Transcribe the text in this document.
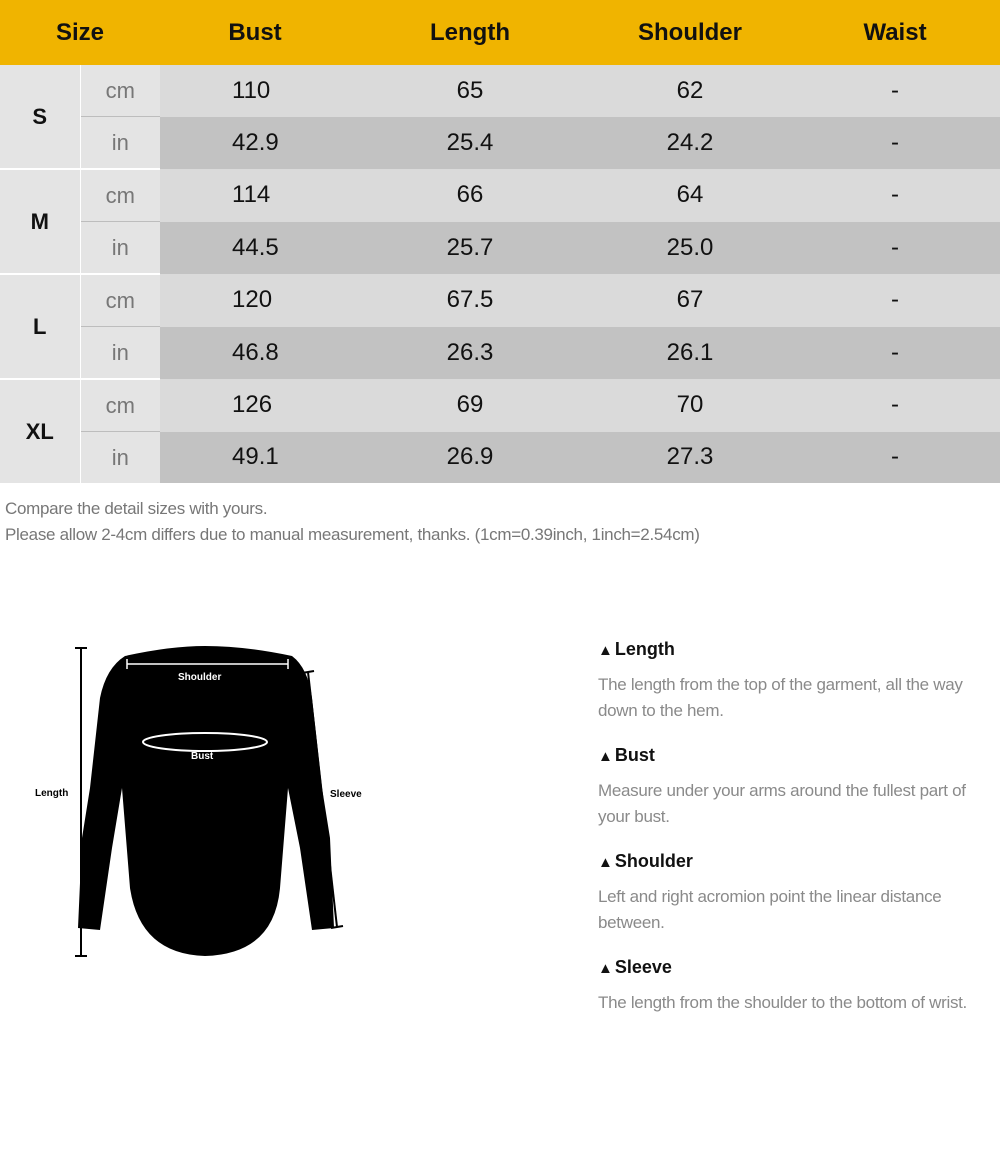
Size		Bust	Length	Shoulder	Waist
S	cm	110	65	62	-
	in	42.9	25.4	24.2	-
M	cm	114	66	64	-
	in	44.5	25.7	25.0	-
L	cm	120	67.5	67	-
	in	46.8	26.3	26.1	-
XL	cm	126	69	70	-
	in	49.1	26.9	27.3	-
Compare the detail sizes with yours.
Please allow 2-4cm differs due to manual measurement, thanks. (1cm=0.39inch, 1inch=2.54cm)
Shoulder
Bust
Length	Sleeve
▲ Length
The length from the top of the garment, all the way down to the hem.
▲ Bust
Measure under your arms around the fullest part of your bust.
▲ Shoulder
Left and right acromion point the linear distance between.
▲ Sleeve
The length from the shoulder to the bottom of wrist.
